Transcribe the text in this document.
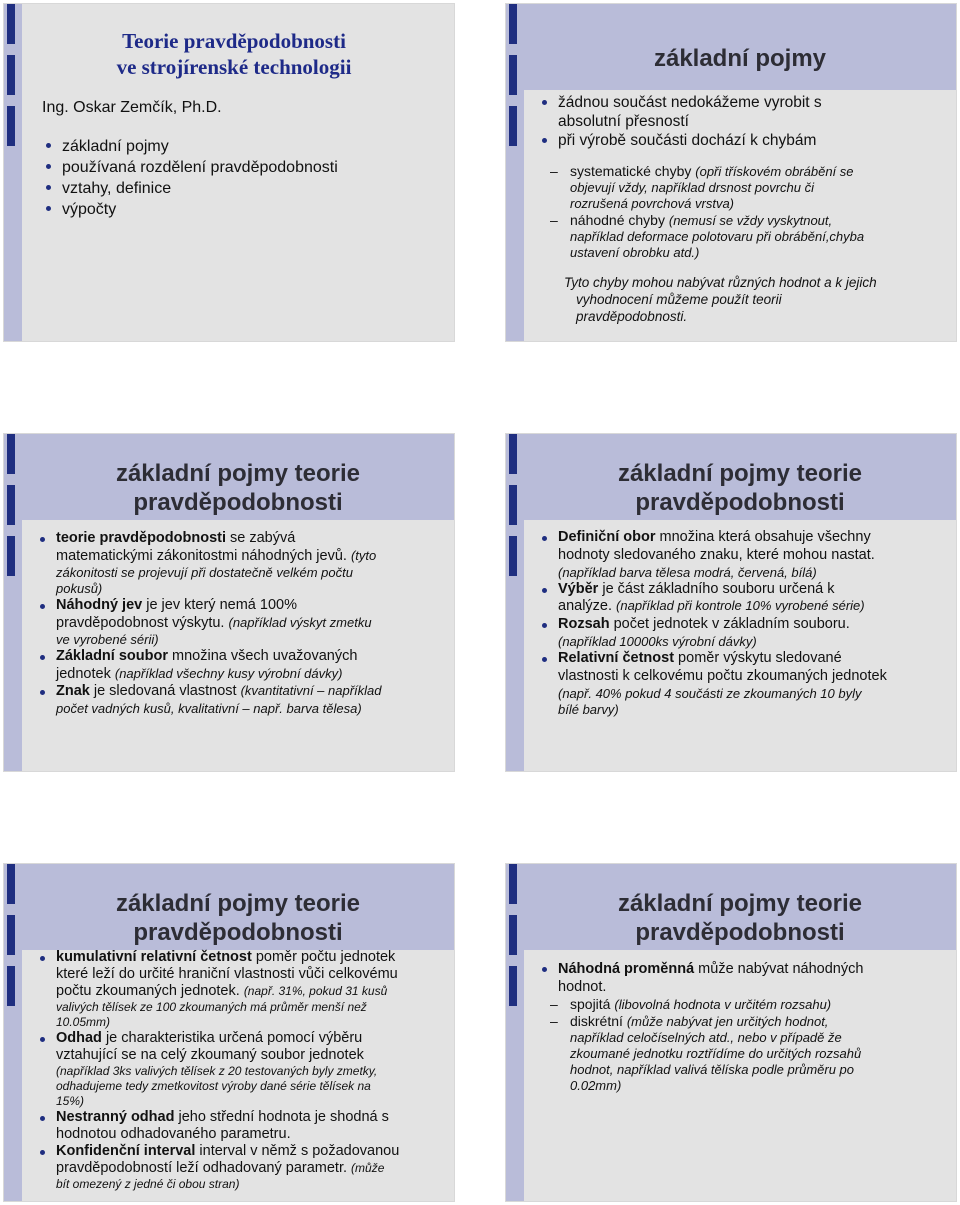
Teorie pravděpodobnosti
ve strojírenské technologii
Ing. Oskar Zemčík, Ph.D.
základní pojmy
používaná rozdělení pravděpodobnosti
vztahy, definice
výpočty
základní pojmy
žádnou součást nedokážeme vyrobit s
absolutní přesností
při výrobě součásti dochází k chybám
– systematické chyby (opři třískovém obrábění se
objevují vždy, například drsnost povrchu či
rozrušená povrchová vrstva)
– náhodné chyby (nemusí se vždy vyskytnout,
například deformace polotovaru při obrábění,chyba
ustavení obrobku atd.)
Tyto chyby mohou nabývat různých hodnot a k jejich
vyhodnocení můžeme použít teorii
pravděpodobnosti.
základní pojmy teorie
pravděpodobnosti
teorie pravděpodobnosti se zabývá
matematickými zákonitostmi náhodných jevů. (tyto
zákonitosti se projevují při dostatečně velkém počtu
pokusů)
Náhodný jev je jev který nemá 100%
pravděpodobnost výskytu. (například výskyt zmetku
ve vyrobené sérii)
Základní soubor množina všech uvažovaných
jednotek (například všechny kusy výrobní dávky)
Znak je sledovaná vlastnost (kvantitativní – například
počet vadných kusů, kvalitativní – např. barva tělesa)
základní pojmy teorie
pravděpodobnosti
Definiční obor množina která obsahuje všechny
hodnoty sledovaného znaku, které mohou nastat.
(například barva tělesa modrá, červená, bílá)
Výběr je část základního souboru určená k
analýze. (například při kontrole 10% vyrobené série)
Rozsah počet jednotek v základním souboru.
(například 10000ks výrobní dávky)
Relativní četnost poměr výskytu sledované
vlastnosti k celkovému počtu zkoumaných jednotek
(např. 40% pokud 4 součásti ze zkoumaných 10 byly
bílé barvy)
základní pojmy teorie
pravděpodobnosti
kumulativní relativní četnost poměr počtu jednotek
které leží do určité hraniční vlastnosti vůči celkovému
počtu zkoumaných jednotek. (např. 31%, pokud 31 kusů
valivých tělísek ze 100 zkoumaných má průměr menší než
10.05mm)
Odhad je charakteristika určená pomocí výběru
vztahující se na celý zkoumaný soubor jednotek
(například 3ks valivých tělísek z 20 testovaných byly zmetky,
odhadujeme tedy zmetkovitost výroby dané série tělísek na
15%)
Nestranný odhad jeho střední hodnota je shodná s
hodnotou odhadovaného parametru.
Konfidenční interval interval v němž s požadovanou
pravděpodobností leží odhadovaný parametr. (může
bít omezený z jedné či obou stran)
základní pojmy teorie
pravděpodobnosti
Náhodná proměnná může nabývat náhodných
hodnot.
– spojitá (libovolná hodnota v určitém rozsahu)
– diskrétní (může nabývat jen určitých hodnot,
například celočíselných atd., nebo v případě že
zkoumané jednotku roztřídíme do určitých rozsahů
hodnot, například valivá tělíska podle průměru po
0.02mm)
